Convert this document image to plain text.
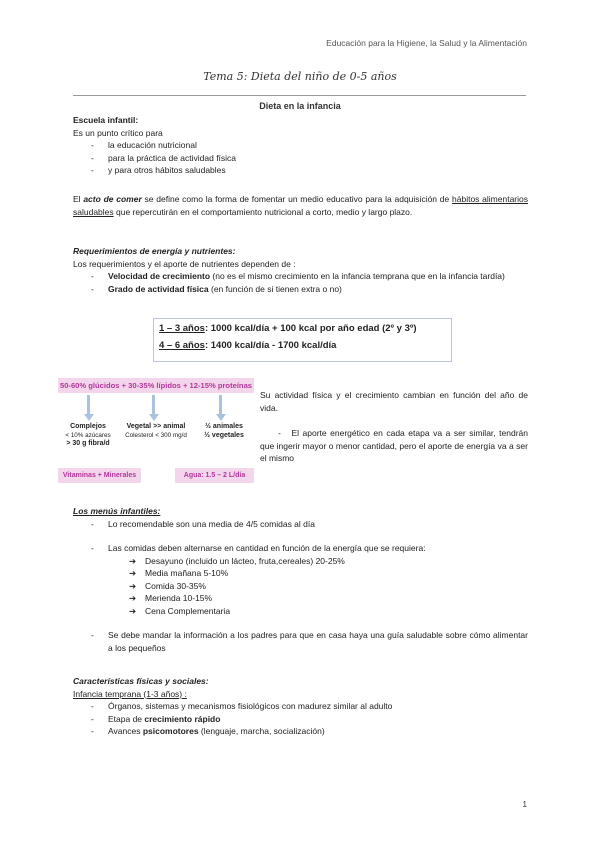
Educación para la Higiene, la Salud y la Alimentación
Tema 5: Dieta del niño de 0-5 años
Dieta en la infancia
Escuela infantil:
Es un punto crítico para
- la educación nutricional
- para la práctica de actividad física
- y para otros hábitos saludables
El acto de comer se define como la forma de fomentar un medio educativo para la adquisición de hábitos alimentarios saludables que repercutirán en el comportamiento nutricional a corto, medio y largo plazo.
Requerimientos de energía y nutrientes:
Los requerimientos y el aporte de nutrientes dependen de :
- Velocidad de crecimiento (no es el mismo crecimiento en la infancia temprana que en la infancia tardía)
- Grado de actividad física (en función de si tienen extra o no)
1 – 3 años: 1000 kcal/día + 100 kcal por año edad (2º y 3º)
4 – 6 años: 1400 kcal/día - 1700 kcal/día
50-60% glúcidos + 30-35% lípidos + 12-15% proteínas
Complejos
< 10% azúcares
> 30 g fibra/d
Vegetal >> animal
Colesterol < 300 mg/d
½ animales
½ vegetales
Vitaminas + Minerales	Agua: 1.5 – 2 L/día
Su actividad física y el crecimiento cambian en función del año de vida.
- El aporte energético en cada etapa va a ser similar, tendrán que ingerir mayor o menor cantidad, pero el aporte de energía va a ser el mismo
Los menús infantiles:
- Lo recomendable son una media de 4/5 comidas al día
- Las comidas deben alternarse en cantidad en función de la energía que se requiera:
➔ Desayuno (incluido un lácteo, fruta,cereales) 20-25%
➔ Media mañana 5-10%
➔ Comida 30-35%
➔ Merienda 10-15%
➔ Cena Complementaria
- Se debe mandar la información a los padres para que en casa haya una guía saludable sobre cómo alimentar a los pequeños
Características físicas y sociales:
Infancia temprana (1-3 años) :
- Órganos, sistemas y mecanismos fisiológicos con madurez similar al adulto
- Etapa de crecimiento rápido
- Avances psicomotores (lenguaje, marcha, socialización)
1
